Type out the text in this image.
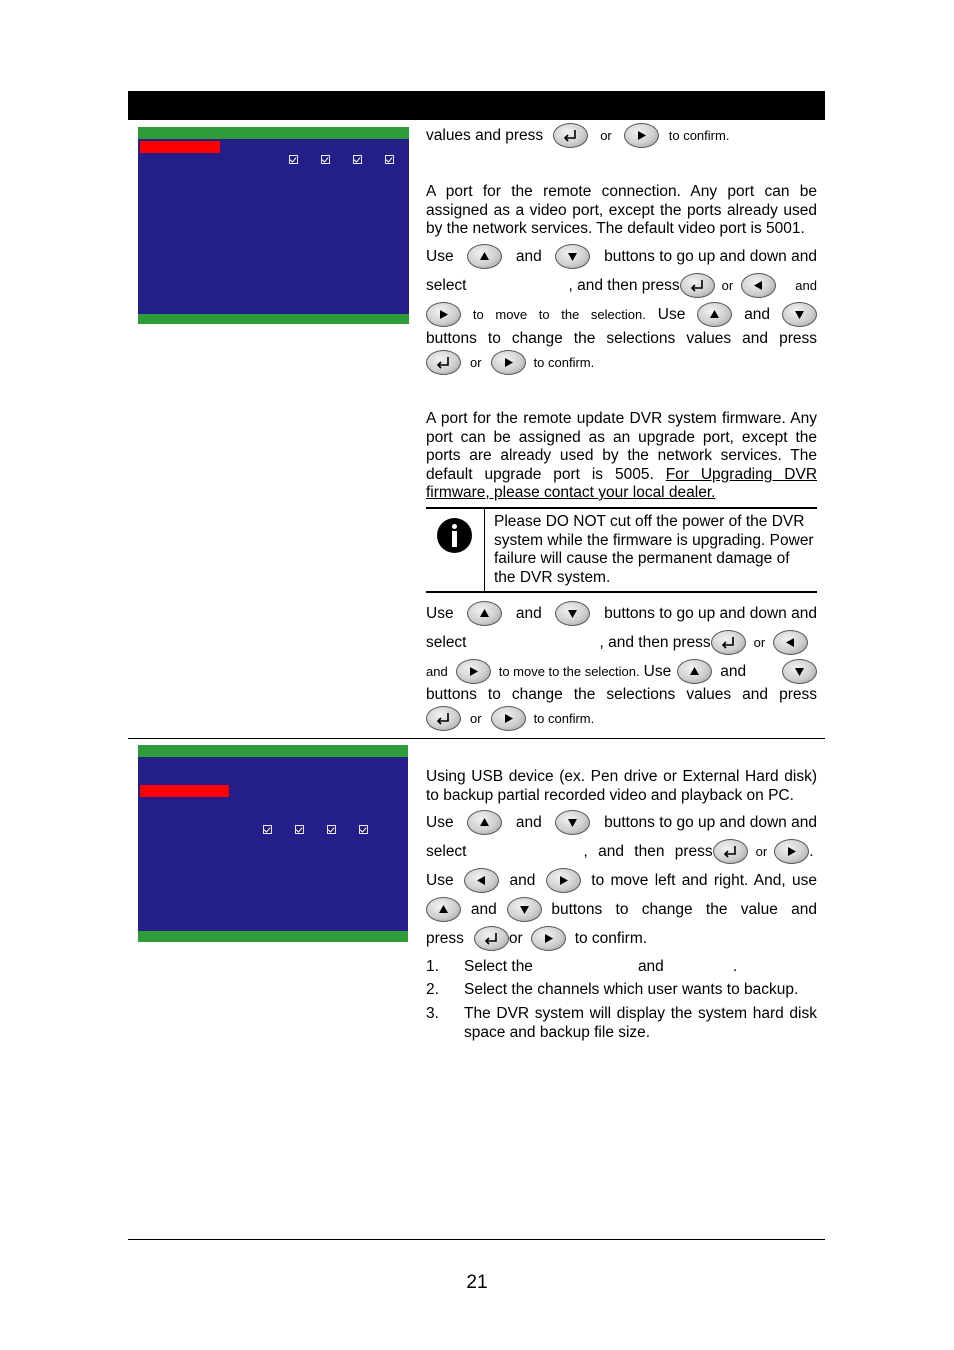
values and press	or	to confirm.
A port for the remote connection. Any port can be assigned as a video port, except the ports already used by the network services. The default video port is 5001.
Use	and	buttons to go up and down and
select	, and then press	or	and
to move to the selection. Use	and
buttons to change the selections values and press
or	to confirm.
A port for the remote update DVR system firmware. Any port can be assigned as an upgrade port, except the ports are already used by the network services. The default upgrade port is 5005. For Upgrading DVR firmware, please contact your local dealer.
Please DO NOT cut off the power of the DVR system while the firmware is upgrading. Power failure will cause the permanent damage of the DVR system.
Use	and	buttons to go up and down and
select	, and then press	or
and	to move to the selection. Use	and
buttons to change the selections values and press
or	to confirm.
Using USB device (ex. Pen drive or External Hard disk) to backup partial recorded video and playback on PC.
Use	and	buttons to go up and down and
select	, and then press	or	.
Use	and	to move left and right. And, use
and	buttons to change the value and
press	or	to confirm.
1. Select the	and	.
2. Select the channels which user wants to backup.
3. The DVR system will display the system hard disk space and backup file size.
21
